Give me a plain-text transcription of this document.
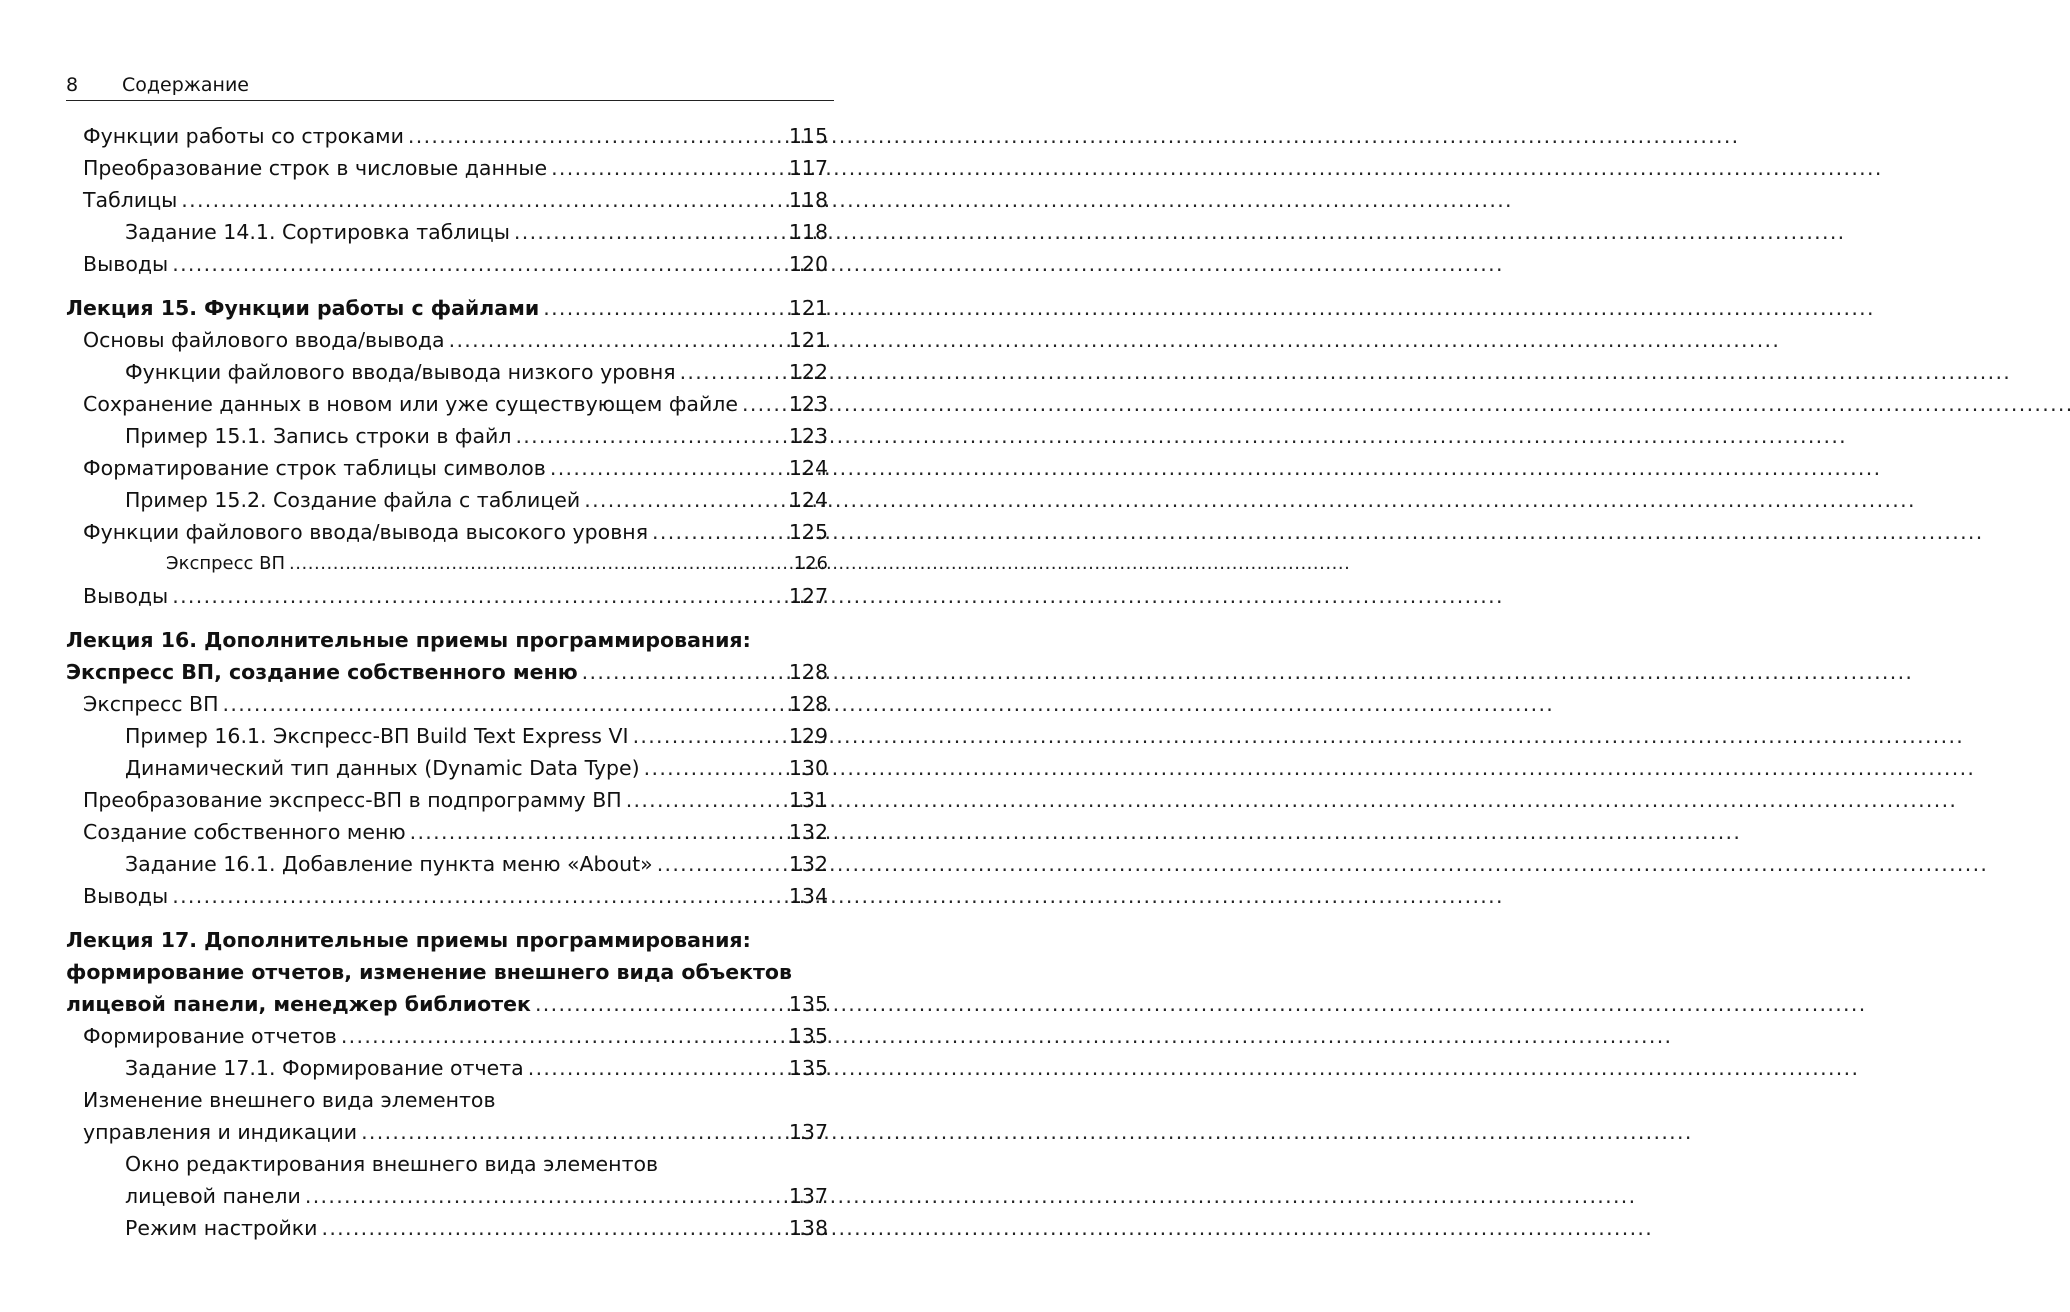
8 Содержание
Функции работы со строками . . .	115
Преобразование строк в числовые данные . . .	117
Таблицы . . .	118
Задание 14.1. Сортировка таблицы . . .	118
Выводы . . .	120
Лекция 15. Функции работы с файлами . . .	121
Основы файлового ввода/вывода . . .	121
Функции файлового ввода/вывода низкого уровня . . .	122
Сохранение данных в новом или уже существующем файле . . . 123
Пример 15.1. Запись строки в файл . . .	123
Форматирование строк таблицы символов . . .	124
Пример 15.2. Создание файла с таблицей . . .	124
Функции файлового ввода/вывода высокого уровня . . .	125
Экспресс ВП . . .	126
Выводы . . .	127
Лекция 16. Дополнительные приемы программирования:
Экспресс ВП, создание собственного меню . . .	128
Экспресс ВП . . .	128
Пример 16.1. Экспресс-ВП Build Text Express VI . . .	129
Динамический тип данных (Dynamic Data Type) . . .	130
Преобразование экспресс-ВП в подпрограмму ВП . . .	131
Создание собственного меню . . .	132
Задание 16.1. Добавление пункта меню «About» . . .	132
Выводы . . .	134
Лекция 17. Дополнительные приемы программирования:
формирование отчетов, изменение внешнего вида объектов
лицевой панели, менеджер библиотек . . .	135
Формирование отчетов . . .	135
Задание 17.1. Формирование отчета . . .	135
Изменение внешнего вида элементов
управления и индикации . . .	137
Окно редактирования внешнего вида элементов
лицевой панели . . .	137
Режим настройки . . .	138
